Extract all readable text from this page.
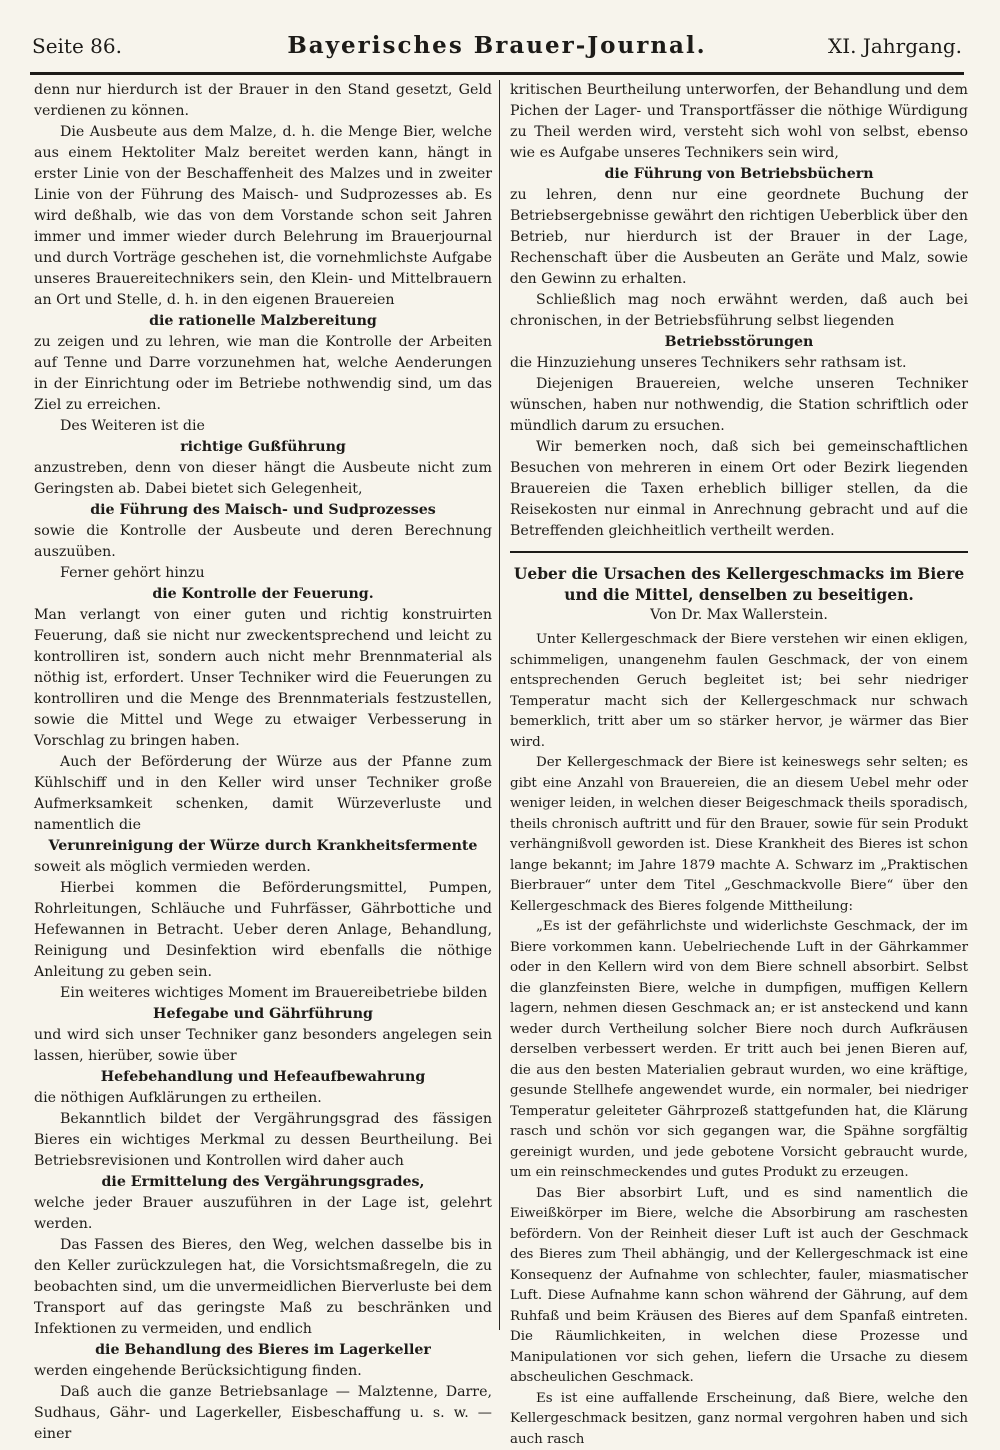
Seite 86.	Bayerisches Brauer-Journal.	XI. Jahrgang.

denn nur hierdurch ist der Brauer in den Stand gesetzt, Geld verdienen zu können.

Die Ausbeute aus dem Malze, d. h. die Menge Bier, welche aus einem Hektoliter Malz bereitet werden kann, hängt in erster Linie von der Beschaffenheit des Malzes und in zweiter Linie von der Führung des Maisch- und Sudprozesses ab. Es wird deßhalb, wie das von dem Vorstande schon seit Jahren immer und immer wieder durch Belehrung im Brauerjournal und durch Vorträge geschehen ist, die vornehmlichste Aufgabe unseres Brauereitechnikers sein, den Klein- und Mittelbrauern an Ort und Stelle, d. h. in den eigenen Brauereien

die rationelle Malzbereitung

zu zeigen und zu lehren, wie man die Kontrolle der Arbeiten auf Tenne und Darre vorzunehmen hat, welche Aenderungen in der Einrichtung oder im Betriebe nothwendig sind, um das Ziel zu erreichen.

Des Weiteren ist die

richtige Gußführung

anzustreben, denn von dieser hängt die Ausbeute nicht zum Geringsten ab. Dabei bietet sich Gelegenheit,

die Führung des Maisch- und Sudprozesses

sowie die Kontrolle der Ausbeute und deren Berechnung auszuüben.

Ferner gehört hinzu

die Kontrolle der Feuerung.

Man verlangt von einer guten und richtig konstruirten Feuerung, daß sie nicht nur zweckentsprechend und leicht zu kontrolliren ist, sondern auch nicht mehr Brennmaterial als nöthig ist, erfordert. Unser Techniker wird die Feuerungen zu kontrolliren und die Menge des Brennmaterials festzustellen, sowie die Mittel und Wege zu etwaiger Verbesserung in Vorschlag zu bringen haben.

Auch der Beförderung der Würze aus der Pfanne zum Kühlschiff und in den Keller wird unser Techniker große Aufmerksamkeit schenken, damit Würzeverluste und namentlich die

Verunreinigung der Würze durch Krankheitsfermente

soweit als möglich vermieden werden.

Hierbei kommen die Beförderungsmittel, Pumpen, Rohrleitungen, Schläuche und Fuhrfässer, Gährbottiche und Hefewannen in Betracht. Ueber deren Anlage, Behandlung, Reinigung und Desinfektion wird ebenfalls die nöthige Anleitung zu geben sein.

Ein weiteres wichtiges Moment im Brauereibetriebe bilden

Hefegabe und Gährführung

und wird sich unser Techniker ganz besonders angelegen sein lassen, hierüber, sowie über

Hefebehandlung und Hefeaufbewahrung

die nöthigen Aufklärungen zu ertheilen.

Bekanntlich bildet der Vergährungsgrad des fässigen Bieres ein wichtiges Merkmal zu dessen Beurtheilung. Bei Betriebsrevisionen und Kontrollen wird daher auch

die Ermittelung des Vergährungsgrades,

welche jeder Brauer auszuführen in der Lage ist, gelehrt werden.

Das Fassen des Bieres, den Weg, welchen dasselbe bis in den Keller zurückzulegen hat, die Vorsichtsmaßregeln, die zu beobachten sind, um die unvermeidlichen Bierverluste bei dem Transport auf das geringste Maß zu beschränken und Infektionen zu vermeiden, und endlich

die Behandlung des Bieres im Lagerkeller

werden eingehende Berücksichtigung finden.

Daß auch die ganze Betriebsanlage — Malztenne, Darre, Sudhaus, Gähr- und Lagerkeller, Eisbeschaffung u. s. w. — einer

kritischen Beurtheilung unterworfen, der Behandlung und dem Pichen der Lager- und Transportfässer die nöthige Würdigung zu Theil werden wird, versteht sich wohl von selbst, ebenso wie es Aufgabe unseres Technikers sein wird,

die Führung von Betriebsbüchern

zu lehren, denn nur eine geordnete Buchung der Betriebsergebnisse gewährt den richtigen Ueberblick über den Betrieb, nur hierdurch ist der Brauer in der Lage, Rechenschaft über die Ausbeuten an Geräte und Malz, sowie den Gewinn zu erhalten.

Schließlich mag noch erwähnt werden, daß auch bei chronischen, in der Betriebsführung selbst liegenden

Betriebsstörungen

die Hinzuziehung unseres Technikers sehr rathsam ist.

Diejenigen Brauereien, welche unseren Techniker wünschen, haben nur nothwendig, die Station schriftlich oder mündlich darum zu ersuchen.

Wir bemerken noch, daß sich bei gemeinschaftlichen Besuchen von mehreren in einem Ort oder Bezirk liegenden Brauereien die Taxen erheblich billiger stellen, da die Reisekosten nur einmal in Anrechnung gebracht und auf die Betreffenden gleichheitlich vertheilt werden.

Ueber die Ursachen des Kellergeschmacks im Biere und die Mittel, denselben zu beseitigen.

Von Dr. Max Wallerstein.

Unter Kellergeschmack der Biere verstehen wir einen ekligen, schimmeligen, unangenehm faulen Geschmack, der von einem entsprechenden Geruch begleitet ist; bei sehr niedriger Temperatur macht sich der Kellergeschmack nur schwach bemerklich, tritt aber um so stärker hervor, je wärmer das Bier wird.

Der Kellergeschmack der Biere ist keineswegs sehr selten; es gibt eine Anzahl von Brauereien, die an diesem Uebel mehr oder weniger leiden, in welchen dieser Beigeschmack theils sporadisch, theils chronisch auftritt und für den Brauer, sowie für sein Produkt verhängnißvoll geworden ist. Diese Krankheit des Bieres ist schon lange bekannt; im Jahre 1879 machte A. Schwarz im „Praktischen Bierbrauer“ unter dem Titel „Geschmackvolle Biere“ über den Kellergeschmack des Bieres folgende Mittheilung:

„Es ist der gefährlichste und widerlichste Geschmack, der im Biere vorkommen kann. Uebelriechende Luft in der Gährkammer oder in den Kellern wird von dem Biere schnell absorbirt. Selbst die glanzfeinsten Biere, welche in dumpfigen, muffigen Kellern lagern, nehmen diesen Geschmack an; er ist ansteckend und kann weder durch Vertheilung solcher Biere noch durch Aufkräusen derselben verbessert werden. Er tritt auch bei jenen Bieren auf, die aus den besten Materialien gebraut wurden, wo eine kräftige, gesunde Stellhefe angewendet wurde, ein normaler, bei niedriger Temperatur geleiteter Gährprozeß stattgefunden hat, die Klärung rasch und schön vor sich gegangen war, die Spähne sorgfältig gereinigt wurden, und jede gebotene Vorsicht gebraucht wurde, um ein reinschmeckendes und gutes Produkt zu erzeugen.

Das Bier absorbirt Luft, und es sind namentlich die Eiweißkörper im Biere, welche die Absorbirung am raschesten befördern. Von der Reinheit dieser Luft ist auch der Geschmack des Bieres zum Theil abhängig, und der Kellergeschmack ist eine Konsequenz der Aufnahme von schlechter, fauler, miasmatischer Luft. Diese Aufnahme kann schon während der Gährung, auf dem Ruhfaß und beim Kräusen des Bieres auf dem Spanfaß eintreten. Die Räumlichkeiten, in welchen diese Prozesse und Manipulationen vor sich gehen, liefern die Ursache zu diesem abscheulichen Geschmack.

Es ist eine auffallende Erscheinung, daß Biere, welche den Kellergeschmack besitzen, ganz normal vergohren haben und sich auch rasch
